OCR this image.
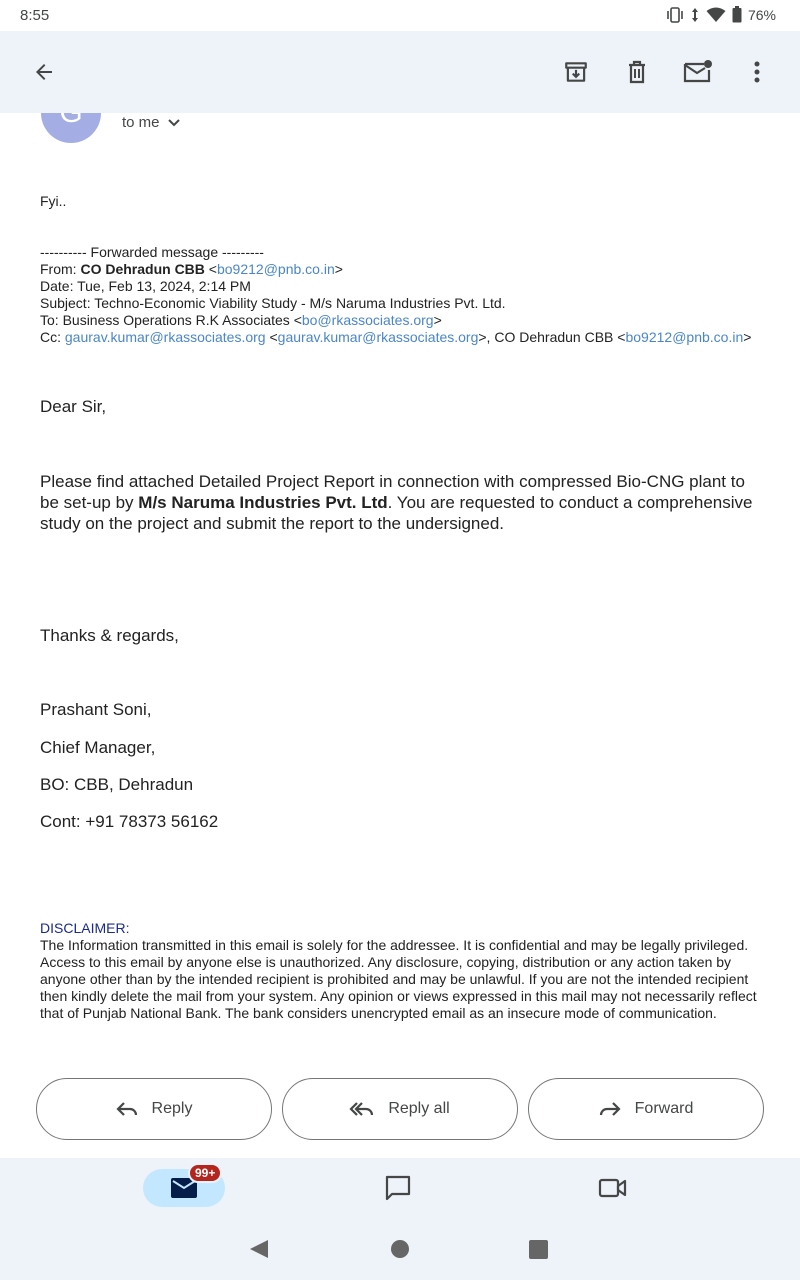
8:55	76%
to me
Fyi..
---------- Forwarded message ---------
From: CO Dehradun CBB <bo9212@pnb.co.in>
Date: Tue, Feb 13, 2024, 2:14 PM
Subject: Techno-Economic Viability Study - M/s Naruma Industries Pvt. Ltd.
To: Business Operations R.K Associates <bo@rkassociates.org>
Cc: gaurav.kumar@rkassociates.org <gaurav.kumar@rkassociates.org>, CO Dehradun CBB <bo9212@pnb.co.in>
Dear Sir,
Please find attached Detailed Project Report in connection with compressed Bio-CNG plant to be set-up by M/s Naruma Industries Pvt. Ltd. You are requested to conduct a comprehensive study on the project and submit the report to the undersigned.
Thanks & regards,
Prashant Soni,
Chief Manager,
BO: CBB, Dehradun
Cont: +91 78373 56162
DISCLAIMER:
The Information transmitted in this email is solely for the addressee. It is confidential and may be legally privileged. Access to this email by anyone else is unauthorized. Any disclosure, copying, distribution or any action taken by anyone other than by the intended recipient is prohibited and may be unlawful. If you are not the intended recipient then kindly delete the mail from your system. Any opinion or views expressed in this mail may not necessarily reflect that of Punjab National Bank. The bank considers unencrypted email as an insecure mode of communication.
Reply	Reply all	Forward
99+
